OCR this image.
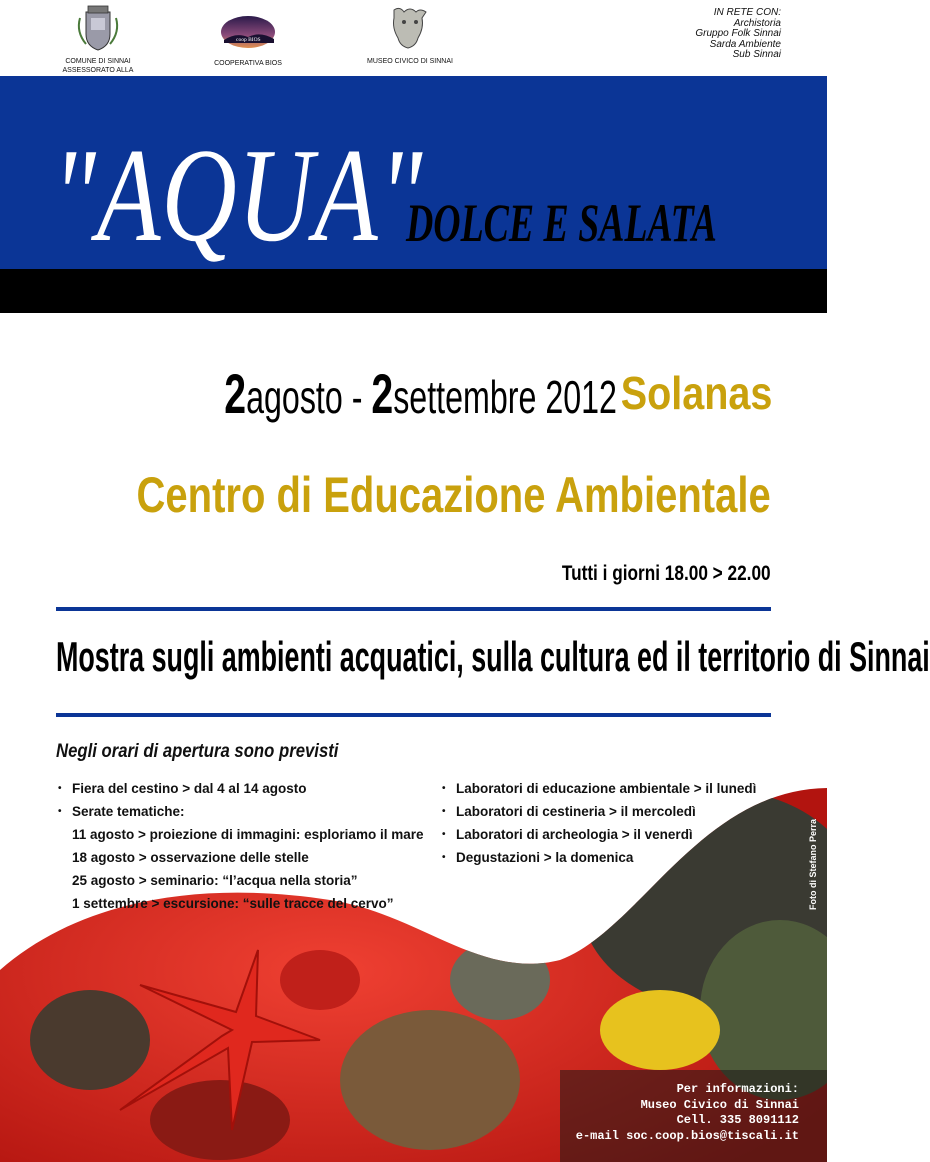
COMUNE DI SINNAI
ASSESSORATO ALLA
coop BIOS
COOPERATIVA BIOS	MUSEO CIVICO DI SINNAI
IN RETE CON:
Archistoria
Gruppo Folk Sinnai
Sarda Ambiente
Sub Sinnai
"AQUA"
DOLCE E SALATA
2agosto - 2settembre 2012 Solanas
Centro di Educazione Ambientale
Tutti i giorni 18.00 > 22.00
Mostra sugli ambienti acquatici, sulla cultura ed il territorio di Sinnai
Negli orari di apertura sono previsti
• Fiera del cestino > dal 4 al 14 agosto
• Serate tematiche:
11 agosto > proiezione di immagini: esploriamo il mare
18 agosto > osservazione delle stelle
25 agosto > seminario: “l’acqua nella storia”
1 settembre > escursione: “sulle tracce del cervo”
• Laboratori di educazione ambientale > il lunedì
• Laboratori di cestineria > il mercoledì
• Laboratori di archeologia > il venerdì
• Degustazioni > la domenica	Foto di Stefano Perra
Per informazioni:
Museo Civico di Sinnai
Cell. 335 8091112
e-mail soc.coop.bios@tiscali.it
